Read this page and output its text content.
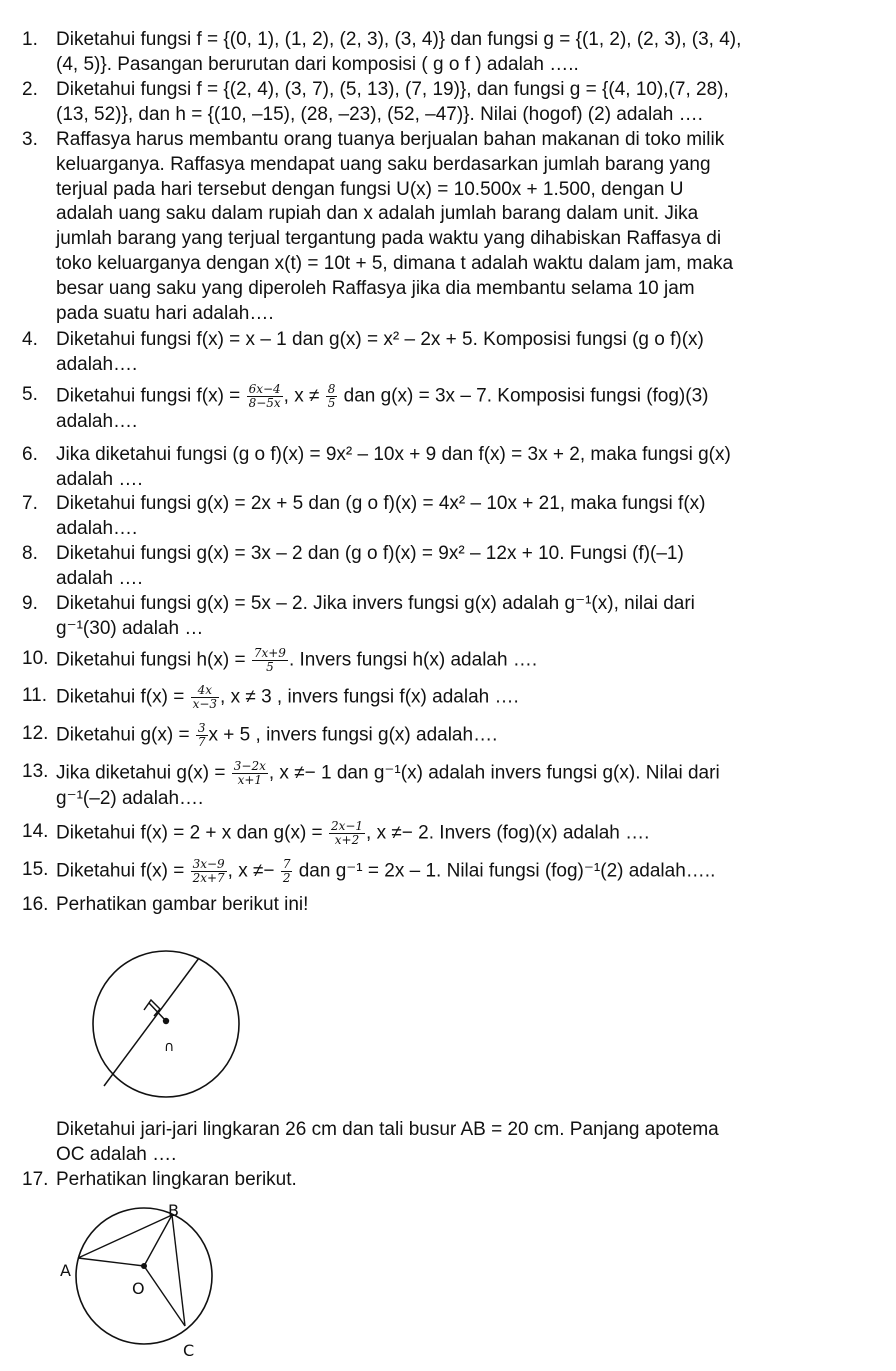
1. Diketahui fungsi f = {(0, 1), (1, 2), (2, 3), (3, 4)} dan fungsi g = {(1, 2), (2, 3), (3, 4),
(4, 5)}. Pasangan berurutan dari komposisi ( g o f ) adalah …..
2. Diketahui fungsi f = {(2, 4), (3, 7), (5, 13), (7, 19)}, dan fungsi g = {(4, 10),(7, 28),
(13, 52)}, dan h = {(10, –15), (28, –23), (52, –47)}. Nilai (hogof) (2) adalah ….
3. Raffasya harus membantu orang tuanya berjualan bahan makanan di toko milik
keluarganya. Raffasya mendapat uang saku berdasarkan jumlah barang yang
terjual pada hari tersebut dengan fungsi U(x) = 10.500x + 1.500, dengan U
adalah uang saku dalam rupiah dan x adalah jumlah barang dalam unit. Jika
jumlah barang yang terjual tergantung pada waktu yang dihabiskan Raffasya di
toko keluarganya dengan x(t) = 10t + 5, dimana t adalah waktu dalam jam, maka
besar uang saku yang diperoleh Raffasya jika dia membantu selama 10 jam
pada suatu hari adalah….
4. Diketahui fungsi f(x) = x – 1 dan g(x) = x² – 2x + 5. Komposisi fungsi (g o f)(x)
adalah….
5. Diketahui fungsi $f(x) = \frac{6x-4}{8-5x}$ , $x \ne \frac{8}{5}$ dan g(x) = 3x – 7. Komposisi fungsi (fog)(3)
adalah….
6. Jika diketahui fungsi (g o f)(x) = 9x² – 10x + 9 dan f(x) = 3x + 2, maka fungsi g(x)
adalah ….
7. Diketahui fungsi g(x) = 2x + 5 dan (g o f)(x) = 4x² – 10x + 21, maka fungsi f(x)
adalah….
8. Diketahui fungsi g(x) = 3x – 2 dan (g o f)(x) = 9x² – 12x + 10. Fungsi (f)(–1)
adalah ….
9. Diketahui fungsi g(x) = 5x – 2. Jika invers fungsi g(x) adalah g⁻¹(x), nilai dari
g⁻¹(30) adalah …
10. Diketahui fungsi $h(x) = \frac{7x+9}{5}$ . Invers fungsi h(x) adalah ….
11. Diketahui $f(x) = \frac{4x}{x-3}$ , x ≠ 3 , invers fungsi f(x) adalah ….
12. Diketahui $g(x) = \frac{3}{7}$ x + 5 , invers fungsi g(x) adalah….
13. Jika diketahui $g(x) = \frac{3-2x}{x+1}$ , x ≠− 1 dan g⁻¹(x) adalah invers fungsi g(x). Nilai dari
g⁻¹(–2) adalah….
14. Diketahui f(x) = 2 + x dan $g(x) = \frac{2x-1}{x+2}$ , x ≠− 2. Invers (fog)(x) adalah ….
15. Diketahui $f(x) = \frac{3x-9}{2x+7}$ , $x \ne- \frac{7}{2}$ dan g⁻¹ = 2x – 1. Nilai fungsi (fog)⁻¹(2) adalah…..
16. Perhatikan gambar berikut ini!
∩
Diketahui jari-jari lingkaran 26 cm dan tali busur AB = 20 cm. Panjang apotema
OC adalah ….
17. Perhatikan lingkaran berikut.
A
B
C
O
